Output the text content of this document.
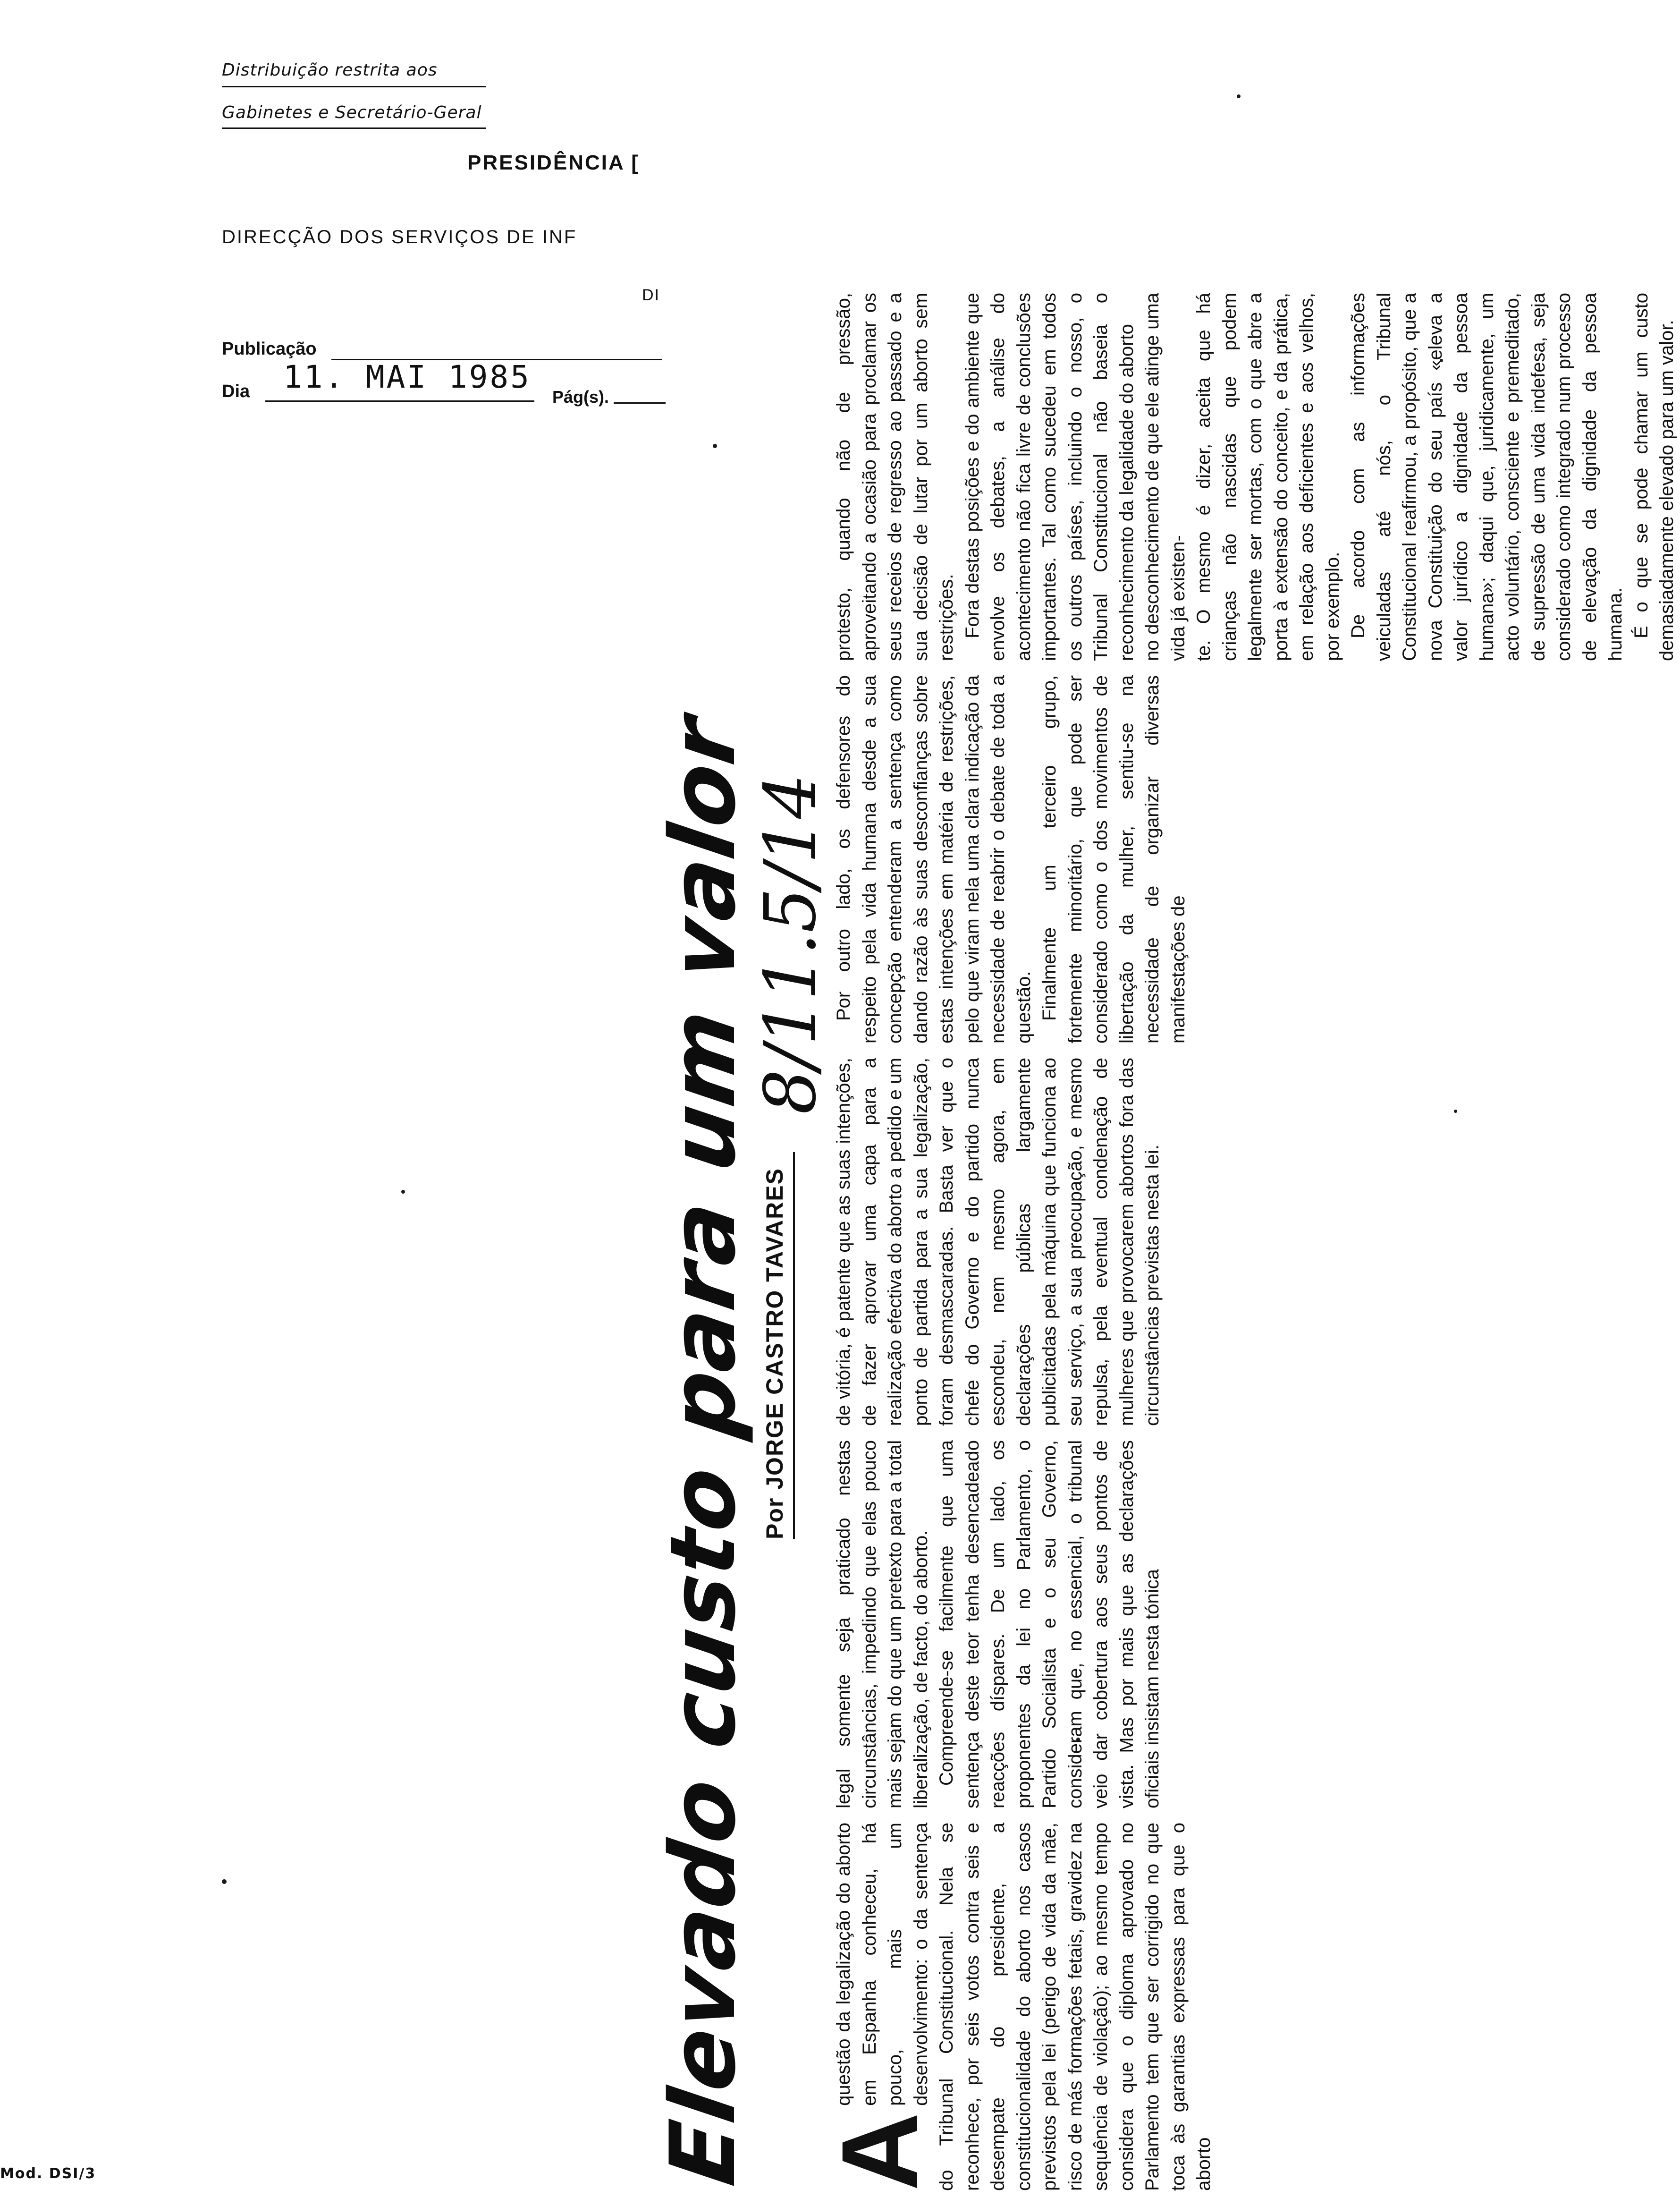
Distribuição restrita aos
Gabinetes e Secretário-Geral
PRESIDÊNCIA [
DIRECÇÃO DOS SERVIÇOS DE INF
DI
Publicação
Dia 11. MAI 1985
Pág(s).
Mod. DSI/3	Elevado custo para um valor Por JORGE CASTRO TAVARES
8/11.5/14

A
questão da legalização do aborto em Espanha conheceu, há pouco, mais um desenvolvimento: o da sentença do Tribunal Constitucional. Nela se reconhece, por seis votos contra seis e desempate do presidente, a constitucionalidade do aborto nos casos previstos pela lei (perigo de vida da mãe, risco de más formações fetais, gravidez na sequência de violação); ao mesmo tempo considera que o diploma aprovado no Parlamento tem que ser corrigido no que toca às garantias expressas para que o aborto

legal somente seja praticado nestas circunstâncias, impedindo que elas pouco mais sejam do que um pretexto para a total liberalização, de facto, do aborto. Compreende-se facilmente que uma sentença deste teor tenha desencadeado reacções díspares. De um lado, os proponentes da lei no Parlamento, o Partido Socialista e o seu Governo, consideram que, no essencial, o tribunal veio dar cobertura aos seus pontos de vista. Mas por mais que as declarações oficiais insistam nesta tónica

de vitória, é patente que as suas intenções, de fazer aprovar uma capa para a realização efectiva do aborto a pedido e um ponto de partida para a sua legalização, foram desmascaradas. Basta ver que o chefe do Governo e do partido nunca escondeu, nem mesmo agora, em declarações públicas largamente publicitadas pela máquina que funciona ao seu serviço, a sua preocupação, e mesmo repulsa, pela eventual condenação de mulheres que provocarem abortos fora das circunstâncias previstas nesta lei.

Por outro lado, os defensores do respeito pela vida humana desde a sua concepção entenderam a sentença como dando razão às suas desconfianças sobre estas intenções em matéria de restrições, pelo que viram nela uma clara indicação da necessidade de reabrir o debate de toda a questão. Finalmente um terceiro grupo, fortemente minoritário, que pode ser considerado como o dos movimentos de libertação da mulher, sentiu-se na necessidade de organizar diversas manifestações de

protesto, quando não de pressão, aproveitando a ocasião para proclamar os seus receios de regresso ao passado e a sua decisão de lutar por um aborto sem restrições. Fora destas posições e do ambiente que envolve os debates, a análise do acontecimento não fica livre de conclusões importantes. Tal como sucedeu em todos os outros países, incluindo o nosso, o Tribunal Constitucional não baseia o reconhecimento da legalidade do aborto no desconhecimento de que ele atinge uma vida já existen- te. O mesmo é dizer, aceita que há crianças não nascidas que podem legalmente ser mortas, com o que abre a porta à extensão do conceito, e da prática, em relação aos deficientes e aos velhos, por exemplo. De acordo com as informações veiculadas até nós, o Tribunal Constitucional reafirmou, a propósito, que a nova Constituição do seu país «eleva a valor jurídico a dignidade da pessoa humana»; daqui que, juridicamente, um acto voluntário, consciente e premeditado, de supressão de uma vida indefesa, seja considerado como integrado num processo de elevação da dignidade da pessoa humana. É o que se pode chamar um custo demasiadamente elevado para um valor.
